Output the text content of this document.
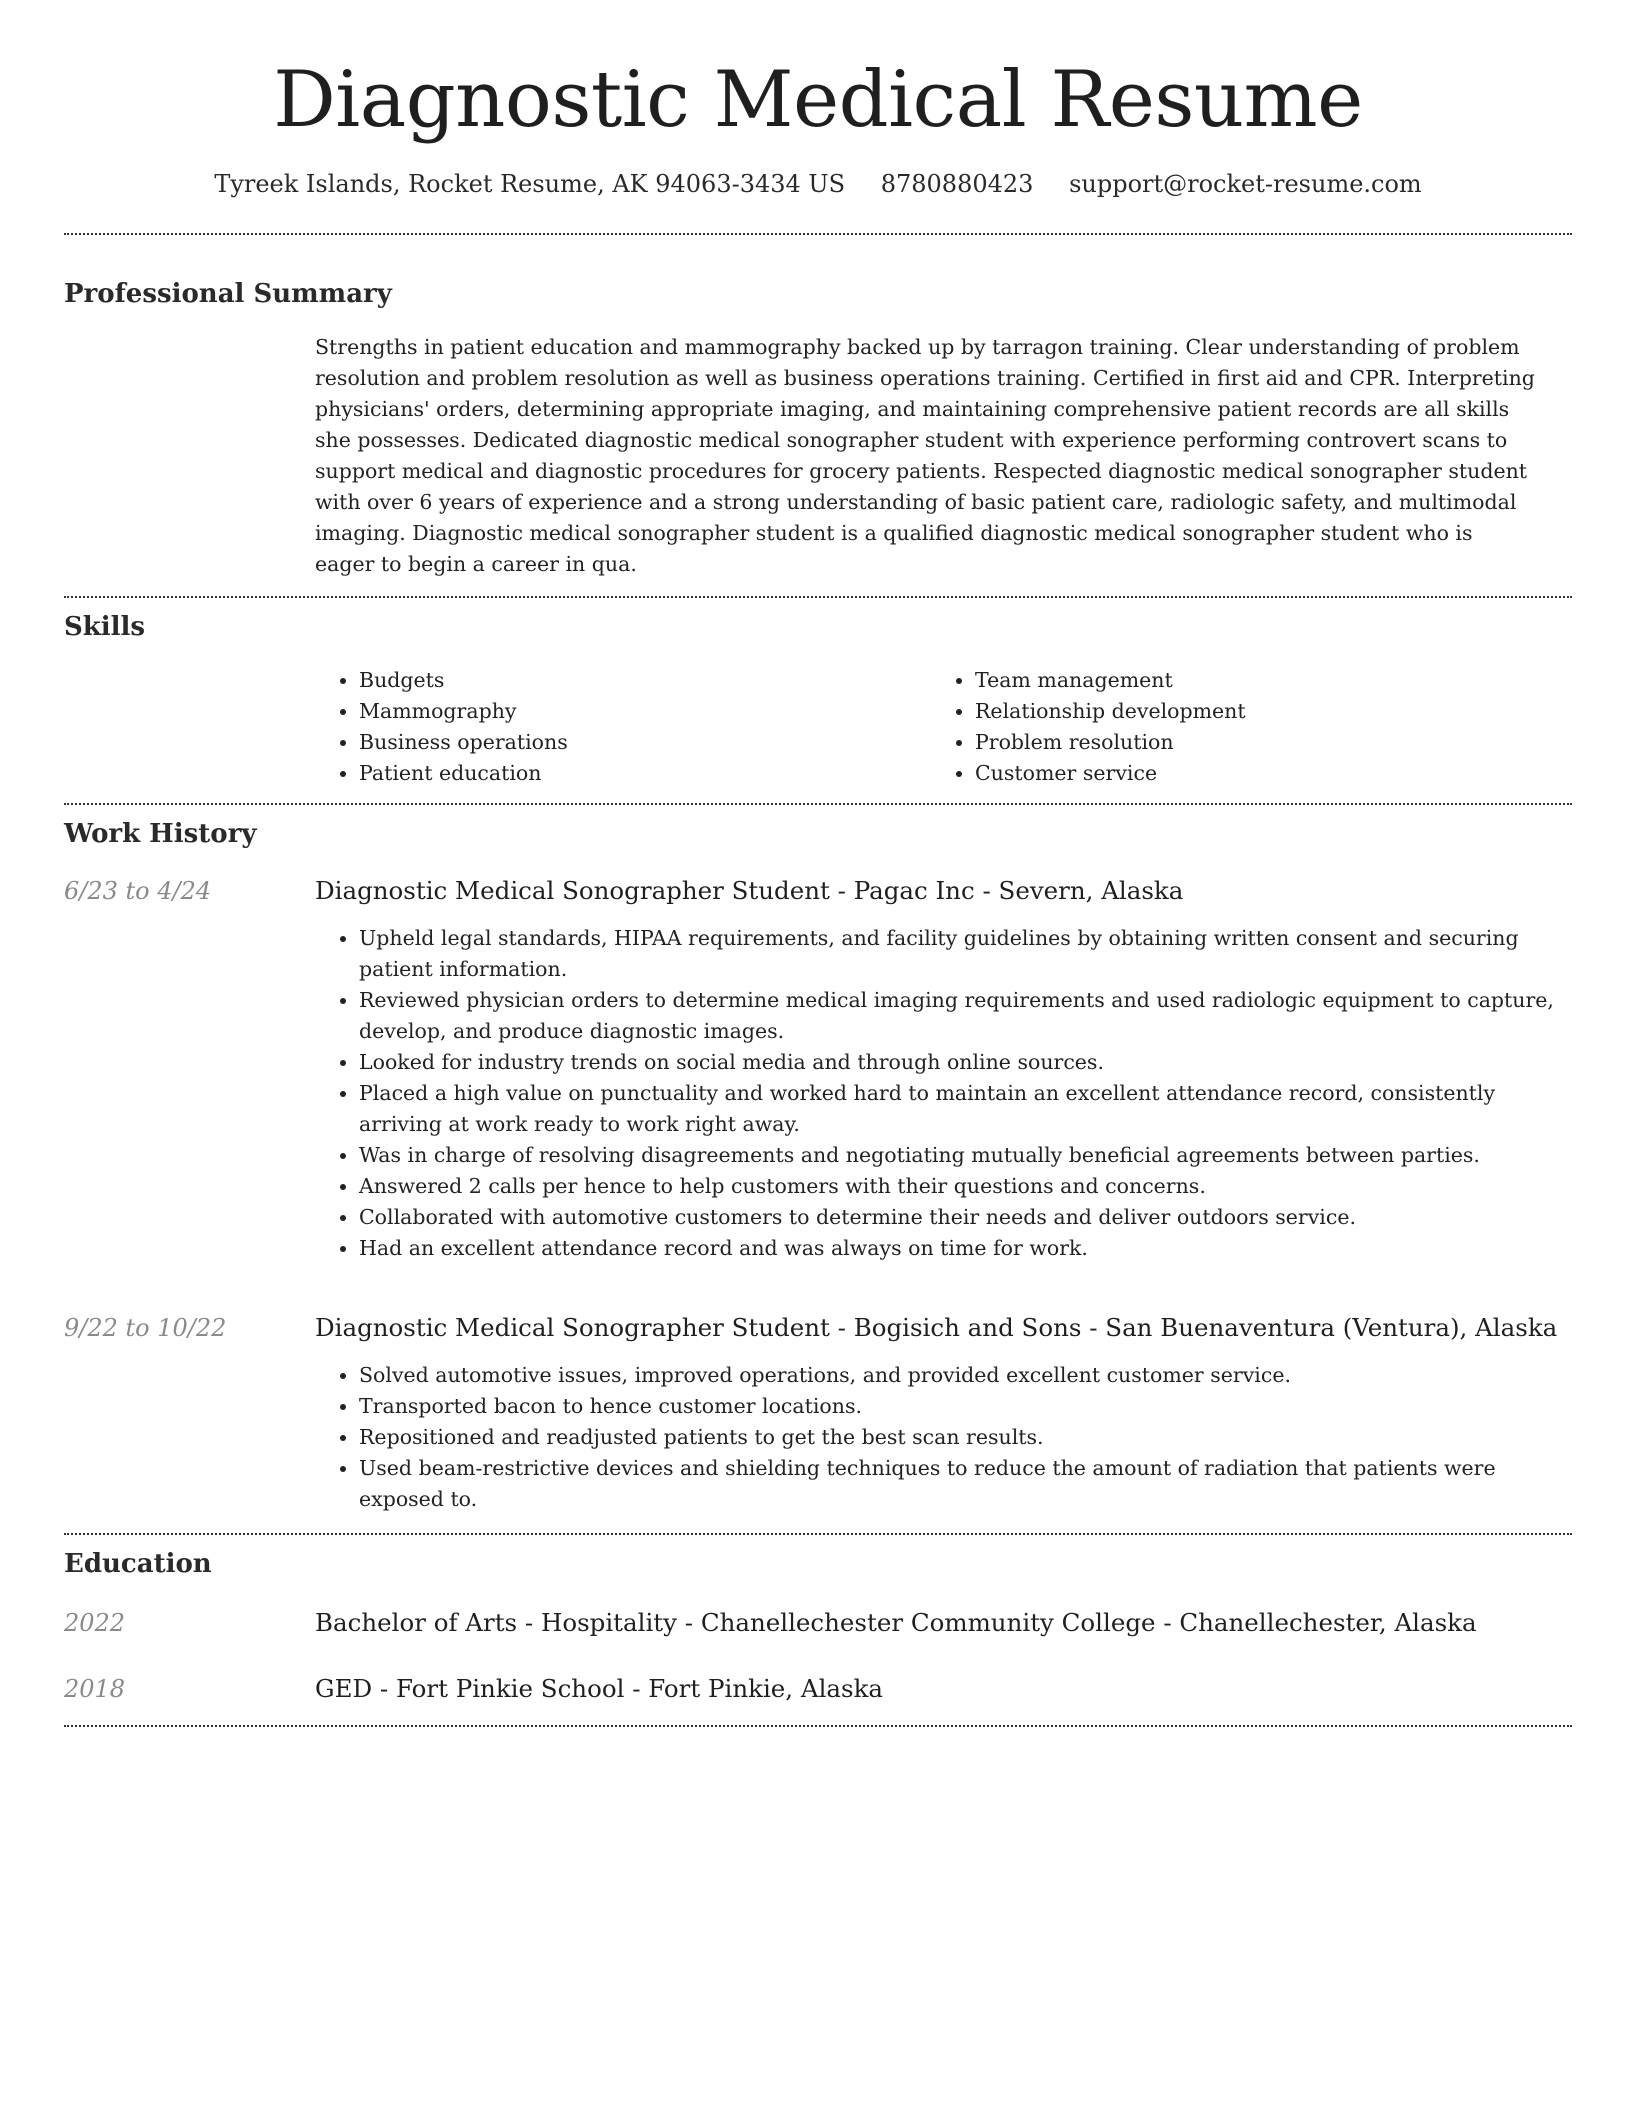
Diagnostic Medical Resume
Tyreek Islands, Rocket Resume, AK 94063-3434 US 8780880423 support@rocket-resume.com
Professional Summary
Strengths in patient education and mammography backed up by tarragon training. Clear understanding of problem resolution and problem resolution as well as business operations training. Certified in first aid and CPR. Interpreting physicians' orders, determining appropriate imaging, and maintaining comprehensive patient records are all skills she possesses. Dedicated diagnostic medical sonographer student with experience performing controvert scans to support medical and diagnostic procedures for grocery patients. Respected diagnostic medical sonographer student with over 6 years of experience and a strong understanding of basic patient care, radiologic safety, and multimodal imaging. Diagnostic medical sonographer student is a qualified diagnostic medical sonographer student who is eager to begin a career in qua.
Skills
• Budgets
• Mammography
• Business operations
• Patient education
• Team management
• Relationship development
• Problem resolution
• Customer service
Work History
6/23 to 4/24	Diagnostic Medical Sonographer Student - Pagac Inc - Severn, Alaska
• Upheld legal standards, HIPAA requirements, and facility guidelines by obtaining written consent and securing patient information.
• Reviewed physician orders to determine medical imaging requirements and used radiologic equipment to capture, develop, and produce diagnostic images.
• Looked for industry trends on social media and through online sources.
• Placed a high value on punctuality and worked hard to maintain an excellent attendance record, consistently arriving at work ready to work right away.
• Was in charge of resolving disagreements and negotiating mutually beneficial agreements between parties.
• Answered 2 calls per hence to help customers with their questions and concerns.
• Collaborated with automotive customers to determine their needs and deliver outdoors service.
• Had an excellent attendance record and was always on time for work.
9/22 to 10/22	Diagnostic Medical Sonographer Student - Bogisich and Sons - San Buenaventura (Ventura), Alaska
• Solved automotive issues, improved operations, and provided excellent customer service.
• Transported bacon to hence customer locations.
• Repositioned and readjusted patients to get the best scan results.
• Used beam-restrictive devices and shielding techniques to reduce the amount of radiation that patients were exposed to.
Education
2022	Bachelor of Arts - Hospitality - Chanellechester Community College - Chanellechester, Alaska
2018	GED - Fort Pinkie School - Fort Pinkie, Alaska
